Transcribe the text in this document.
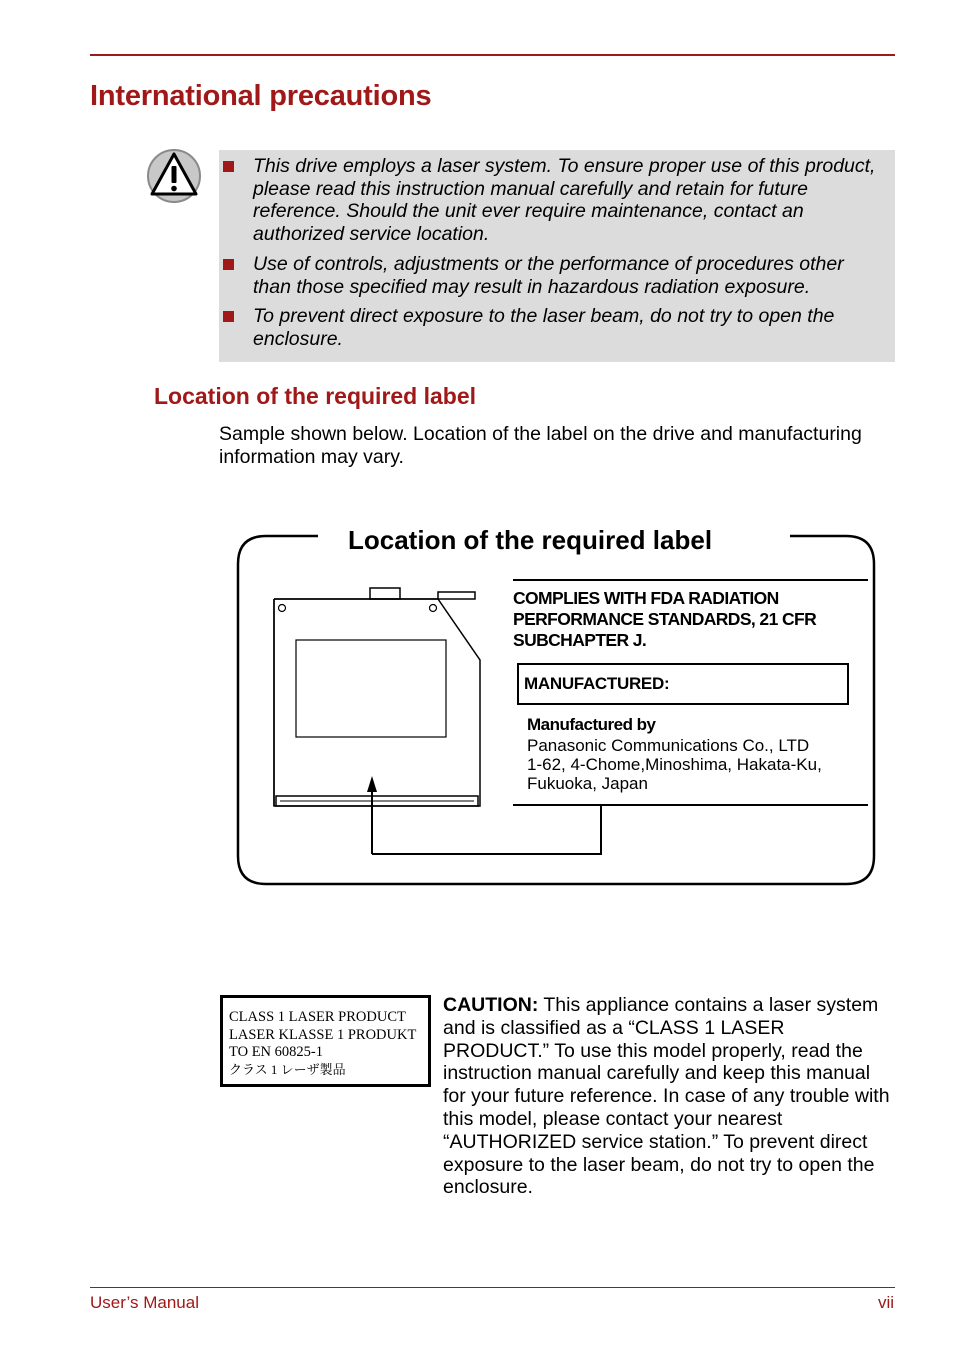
International precautions
This drive employs a laser system. To ensure proper use of this product, please read this instruction manual carefully and retain for future reference. Should the unit ever require maintenance, contact an authorized service location.
Use of controls, adjustments or the performance of procedures other than those specified may result in hazardous radiation exposure.
To prevent direct exposure to the laser beam, do not try to open the enclosure.
Location of the required label
Sample shown below. Location of the label on the drive and manufacturing information may vary.
Location of the required label
COMPLIES WITH FDA RADIATION
PERFORMANCE STANDARDS, 21 CFR
SUBCHAPTER J.
MANUFACTURED:
Manufactured by
Panasonic Communications Co., LTD
1-62, 4-Chome,Minoshima, Hakata-Ku,
Fukuoka, Japan
CLASS 1 LASER PRODUCT
LASER KLASSE 1 PRODUKT
TO EN 60825-1
クラス 1 レーザ製品
CAUTION: This appliance contains a laser system and is classified as a “CLASS 1 LASER PRODUCT.” To use this model properly, read the instruction manual carefully and keep this manual for your future reference. In case of any trouble with this model, please contact your nearest “AUTHORIZED service station.” To prevent direct exposure to the laser beam, do not try to open the enclosure.
User’s Manual	vii
